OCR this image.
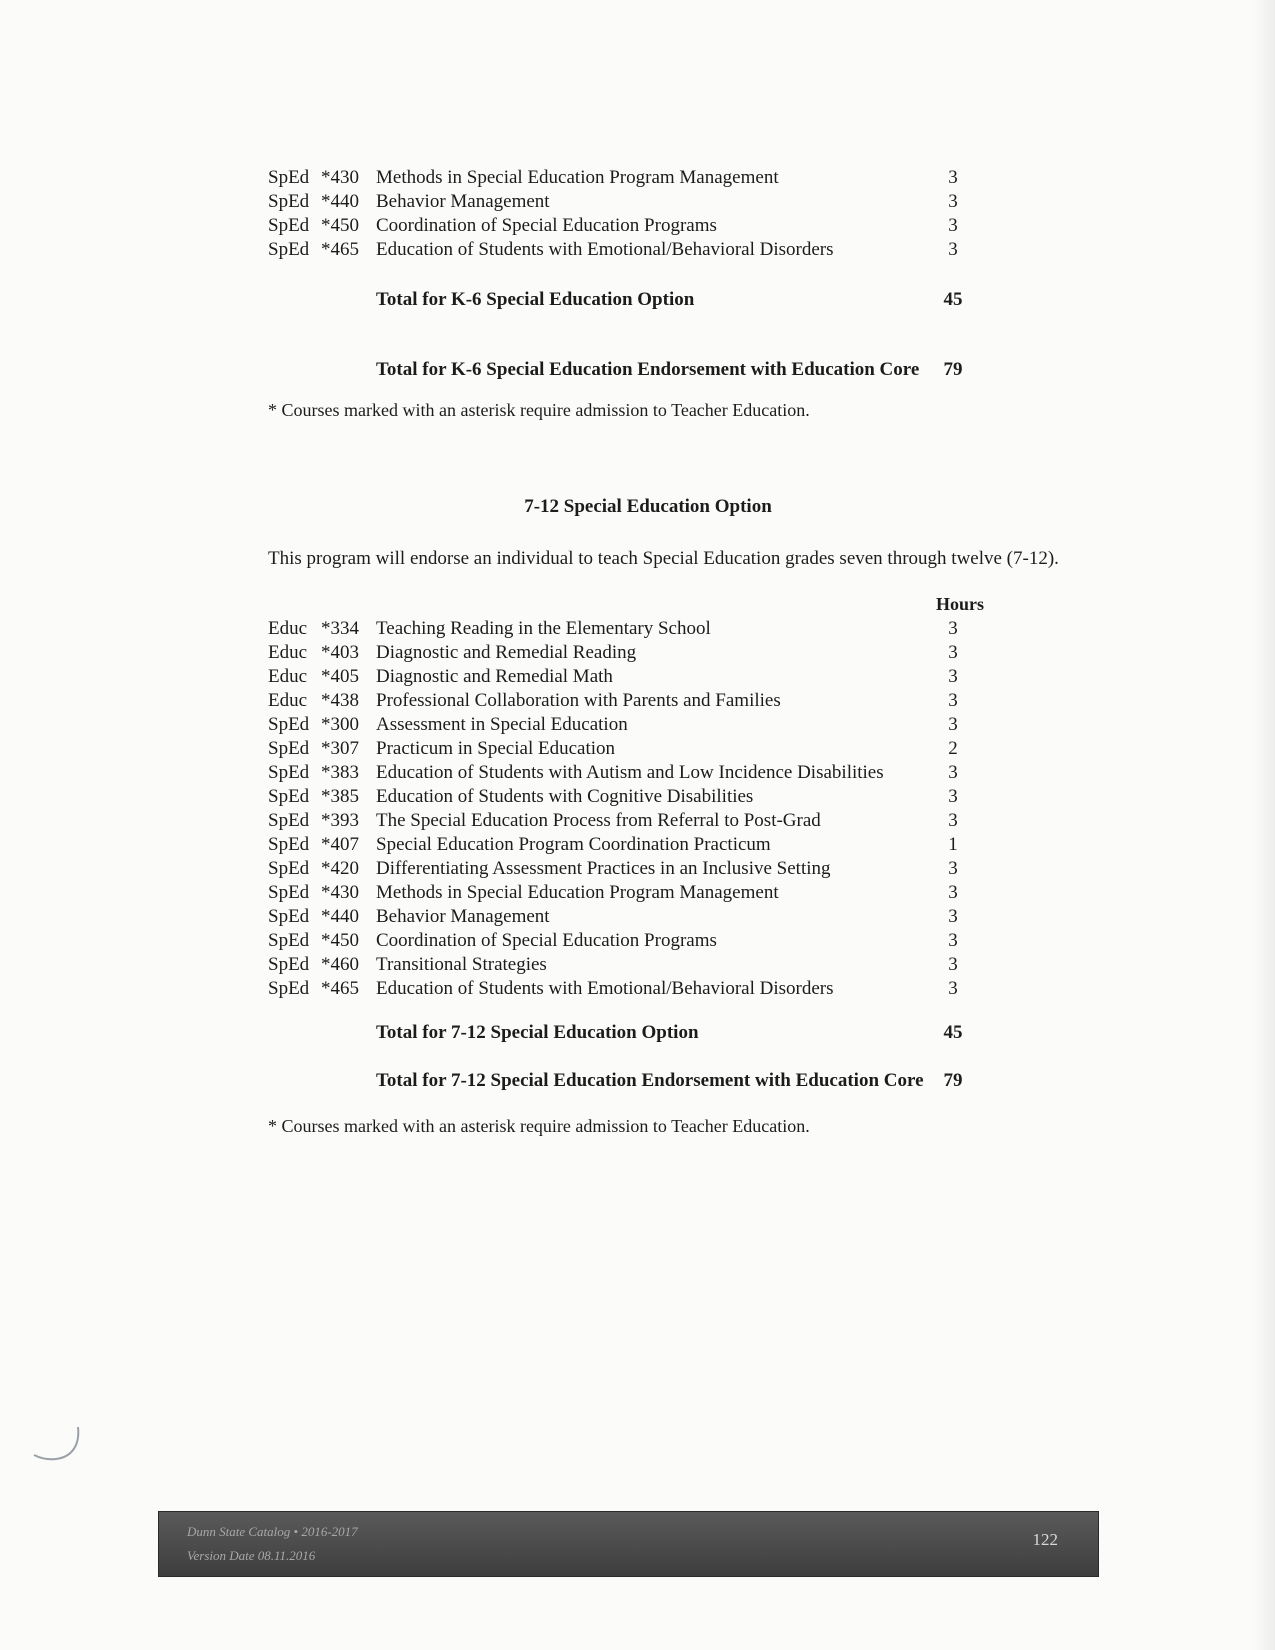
SpEd *430 Methods in Special Education Program Management	3
SpEd *440 Behavior Management	3
SpEd *450 Coordination of Special Education Programs	3
SpEd *465 Education of Students with Emotional/Behavioral Disorders	3
Total for K-6 Special Education Option	45
Total for K-6 Special Education Endorsement with Education Core	79
* Courses marked with an asterisk require admission to Teacher Education.
7-12 Special Education Option
This program will endorse an individual to teach Special Education grades seven through twelve (7-12).
Hours
Educ *334 Teaching Reading in the Elementary School	3
Educ *403 Diagnostic and Remedial Reading	3
Educ *405 Diagnostic and Remedial Math	3
Educ *438 Professional Collaboration with Parents and Families	3
SpEd *300 Assessment in Special Education	3
SpEd *307 Practicum in Special Education	2
SpEd *383 Education of Students with Autism and Low Incidence Disabilities	3
SpEd *385 Education of Students with Cognitive Disabilities	3
SpEd *393 The Special Education Process from Referral to Post-Grad	3
SpEd *407 Special Education Program Coordination Practicum	1
SpEd *420 Differentiating Assessment Practices in an Inclusive Setting	3
SpEd *430 Methods in Special Education Program Management	3
SpEd *440 Behavior Management	3
SpEd *450 Coordination of Special Education Programs	3
SpEd *460 Transitional Strategies	3
SpEd *465 Education of Students with Emotional/Behavioral Disorders	3
Total for 7-12 Special Education Option	45
Total for 7-12 Special Education Endorsement with Education Core	79
* Courses marked with an asterisk require admission to Teacher Education.
Dunn State Catalog • 2016-2017
Version Date 08.11.2016
122
